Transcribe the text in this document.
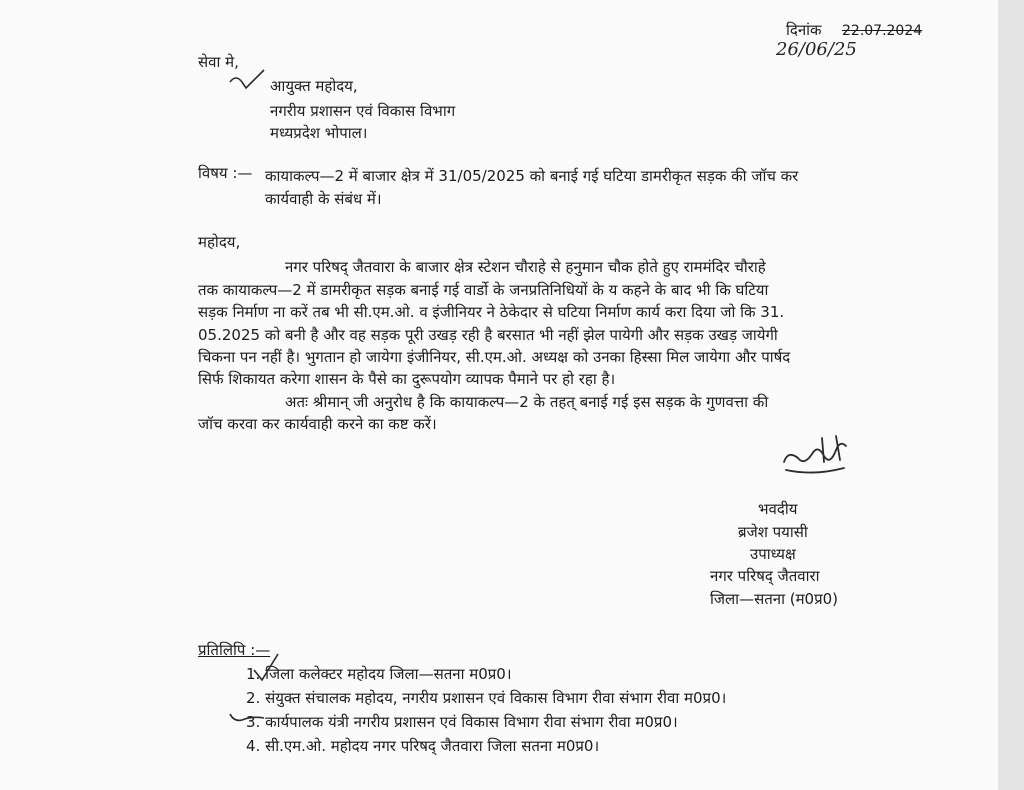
दिनांक 22.07.2024
26/06/25
सेवा मे,
आयुक्त महोदय,
नगरीय प्रशासन एवं विकास विभाग
मध्यप्रदेश भोपाल।
विषय :— कायाकल्प—2 में बाजार क्षेत्र में 31/05/2025 को बनाई गई घटिया डामरीकृत सड़क की जॉच कर
कार्यवाही के संबंध में।
महोदय,
नगर परिषद् जैतवारा के बाजार क्षेत्र स्टेशन चौराहे से हनुमान चौक होते हुए राममंदिर चौराहे
तक कायाकल्प—2 में डामरीकृत सड़क बनाई गई वार्डो के जनप्रतिनिधियों के य कहने के बाद भी कि घटिया
सड़क निर्माण ना करें तब भी सी.एम.ओ. व इंजीनियर ने ठेकेदार से घटिया निर्माण कार्य करा दिया जो कि 31.
05.2025 को बनी है और वह सड़क पूरी उखड़ रही है बरसात भी नहीं झेल पायेगी और सड़क उखड़ जायेगी
चिकना पन नहीं है। भुगतान हो जायेगा इंजीनियर, सी.एम.ओ. अध्यक्ष को उनका हिस्सा मिल जायेगा और पार्षद
सिर्फ शिकायत करेगा शासन के पैसे का दुरूपयोग व्यापक पैमाने पर हो रहा है।
अतः श्रीमान् जी अनुरोध है कि कायाकल्प—2 के तहत् बनाई गई इस सड़क के गुणवत्ता की
जॉच करवा कर कार्यवाही करने का कष्ट करें।
भवदीय
ब्रजेश पयासी
उपाध्यक्ष
नगर परिषद् जैतवारा
जिला—सतना (म0प्र0)
प्रतिलिपि :—
1. जिला कलेक्टर महोदय जिला—सतना म0प्र0।
2. संयुक्त संचालक महोदय, नगरीय प्रशासन एवं विकास विभाग रीवा संभाग रीवा म0प्र0।
3. कार्यपालक यंत्री नगरीय प्रशासन एवं विकास विभाग रीवा संभाग रीवा म0प्र0।
4. सी.एम.ओ. महोदय नगर परिषद् जैतवारा जिला सतना म0प्र0।
